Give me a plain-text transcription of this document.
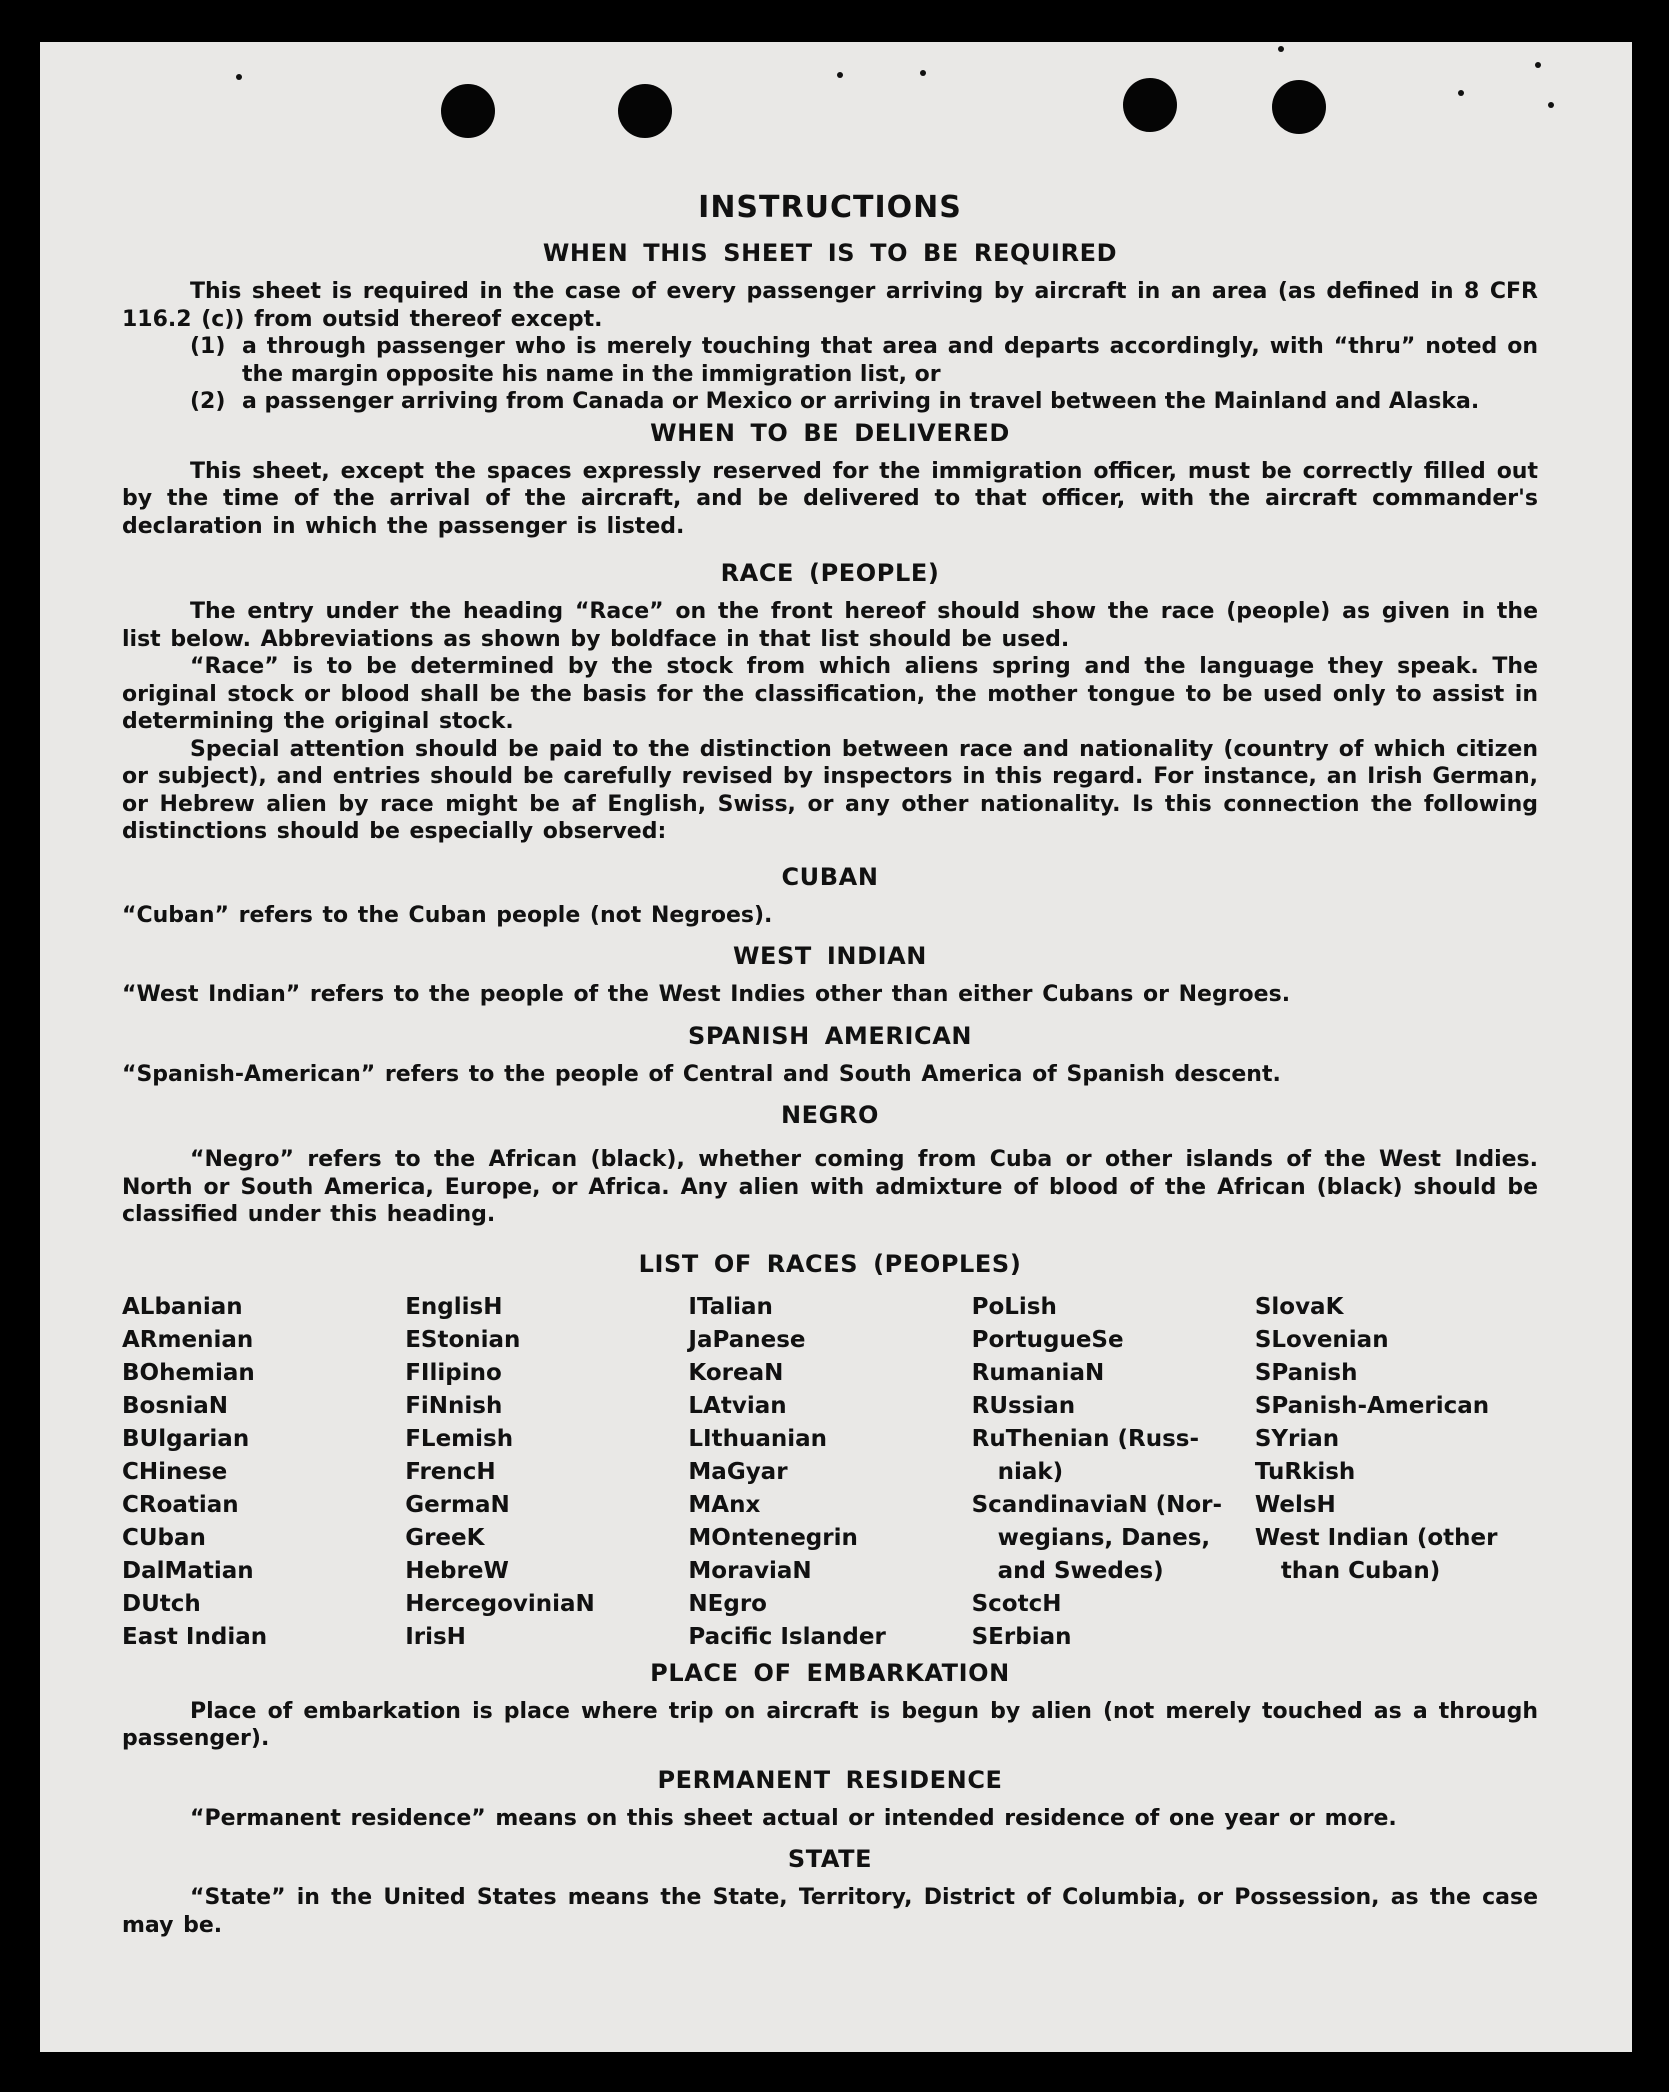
INSTRUCTIONS
WHEN THIS SHEET IS TO BE REQUIRED

This sheet is required in the case of every passenger arriving by aircraft in an area (as defined in 8 CFR 116.2 (c)) from outsid thereof except.

(1) a through passenger who is merely touching that area and departs accordingly, with “thru” noted on the margin opposite his name in the immigration list, or
(2) a passenger arriving from Canada or Mexico or arriving in travel between the Mainland and Alaska.
WHEN TO BE DELIVERED

This sheet, except the spaces expressly reserved for the immigration officer, must be correctly filled out by the time of the arrival of the aircraft, and be delivered to that officer, with the aircraft commander's declaration in which the passenger is listed.

RACE (PEOPLE)

The entry under the heading “Race” on the front hereof should show the race (people) as given in the list below. Abbreviations as shown by boldface in that list should be used.

“Race” is to be determined by the stock from which aliens spring and the language they speak. The original stock or blood shall be the basis for the classification, the mother tongue to be used only to assist in determining the original stock.

Special attention should be paid to the distinction between race and nationality (country of which citizen or subject), and entries should be carefully revised by inspectors in this regard. For instance, an Irish German, or Hebrew alien by race might be af English, Swiss, or any other nationality. Is this connection the following distinctions should be especially observed:

CUBAN

“Cuban” refers to the Cuban people (not Negroes).

WEST INDIAN

“West Indian” refers to the people of the West Indies other than either Cubans or Negroes.

SPANISH AMERICAN

“Spanish-American” refers to the people of Central and South America of Spanish descent.

NEGRO

“Negro” refers to the African (black), whether coming from Cuba or other islands of the West Indies. North or South America, Europe, or Africa. Any alien with admixture of blood of the African (black) should be classified under this heading.

LIST OF RACES (PEOPLES)
ALbanian
ARmenian
BOhemian
BosniaN
BUlgarian
CHinese
CRoatian
CUban
DalMatian
DUtch
East Indian
EnglisH
EStonian
FIlipino
FiNnish
FLemish
FrencH
GermaN
GreeK
HebreW
HercegoviniaN
IrisH
ITalian
JaPanese
KoreaN
LAtvian
LIthuanian
MaGyar
MAnx
MOntenegrin
MoraviaN
NEgro
Pacific Islander
PoLish
PortugueSe
RumaniaN
RUssian
RuThenian (Russ-
niak)
ScandinaviaN (Nor-
wegians, Danes,
and Swedes)
ScotcH
SErbian
SlovaK
SLovenian
SPanish
SPanish-American
SYrian
TuRkish
WelsH
West Indian (other
than Cuban)
PLACE OF EMBARKATION

Place of embarkation is place where trip on aircraft is begun by alien (not merely touched as a through passenger).

PERMANENT RESIDENCE

“Permanent residence” means on this sheet actual or intended residence of one year or more.

STATE

“State” in the United States means the State, Territory, District of Columbia, or Possession, as the case may be.
